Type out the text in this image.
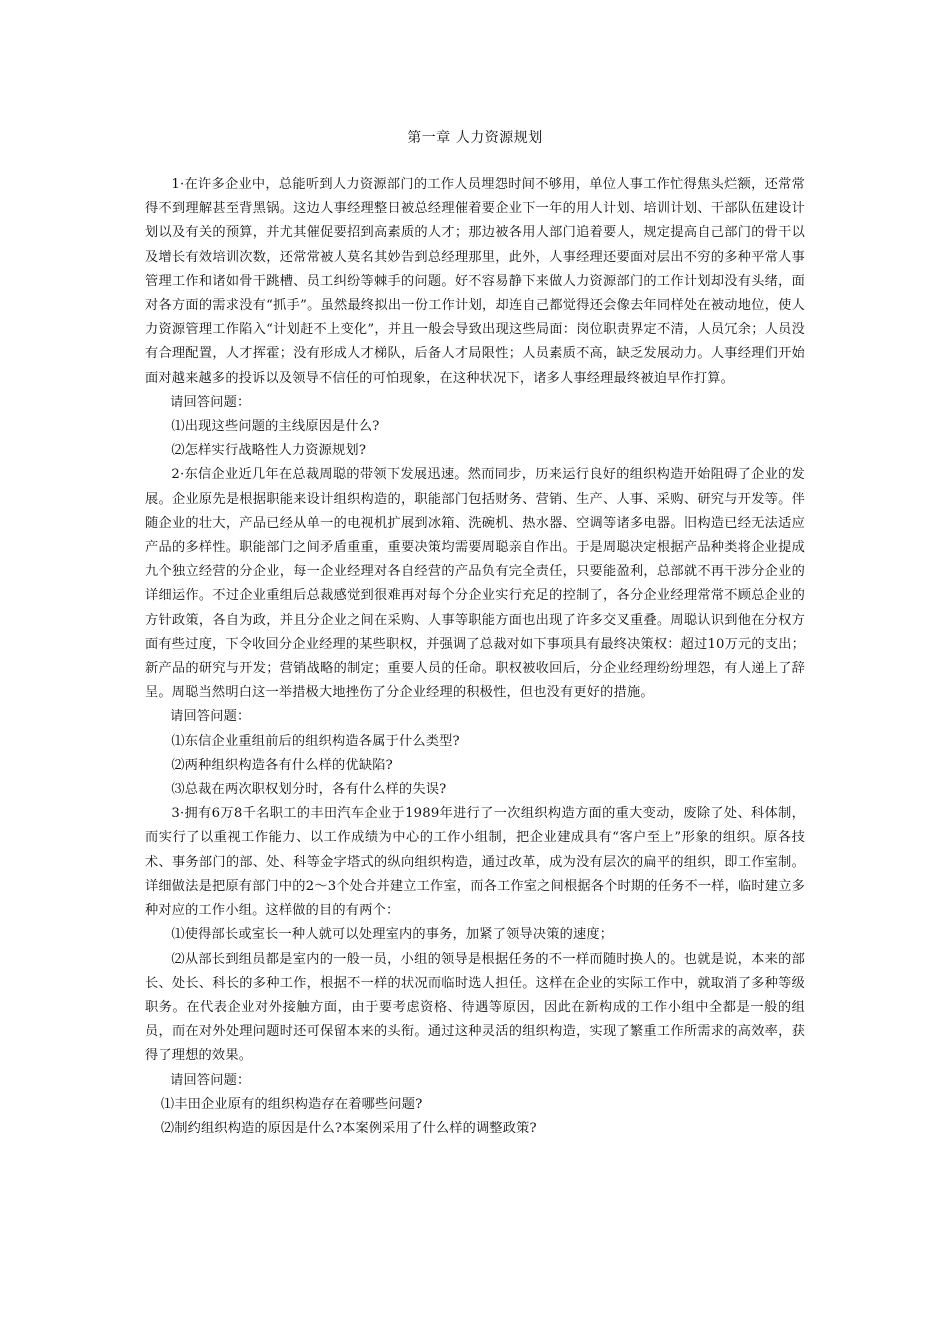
第一章 人力资源规划

1·在许多企业中，总能听到人力资源部门的工作人员埋怨时间不够用，单位人事工作忙得焦头烂额，还常常得不到理解甚至背黑锅。这边人事经理整日被总经理催着要企业下一年的用人计划、培训计划、干部队伍建设计划以及有关的预算，并尤其催促要招到高素质的人才；那边被各用人部门追着要人，规定提高自己部门的骨干以及增长有效培训次数，还常常被人莫名其妙告到总经理那里，此外，人事经理还要面对层出不穷的多种平常人事管理工作和诸如骨干跳槽、员工纠纷等棘手的问题。好不容易静下来做人力资源部门的工作计划却没有头绪，面对各方面的需求没有“抓手”。虽然最终拟出一份工作计划，却连自己都觉得还会像去年同样处在被动地位，使人力资源管理工作陷入“计划赶不上变化”，并且一般会导致出现这些局面：岗位职责界定不清，人员冗余；人员没有合理配置，人才挥霍；没有形成人才梯队，后备人才局限性；人员素质不高，缺乏发展动力。人事经理们开始面对越来越多的投诉以及领导不信任的可怕现象，在这种状况下，诸多人事经理最终被迫早作打算。

请回答问题：

⑴出现这些问题的主线原因是什么?

⑵怎样实行战略性人力资源规划?

2·东信企业近几年在总裁周聪的带领下发展迅速。然而同步，历来运行良好的组织构造开始阻碍了企业的发展。企业原先是根据职能来设计组织构造的，职能部门包括财务、营销、生产、人事、采购、研究与开发等。伴随企业的壮大，产品已经从单一的电视机扩展到冰箱、洗碗机、热水器、空调等诸多电器。旧构造已经无法适应产品的多样性。职能部门之间矛盾重重，重要决策均需要周聪亲自作出。于是周聪决定根据产品种类将企业提成九个独立经营的分企业，每一企业经理对各自经营的产品负有完全责任，只要能盈利，总部就不再干涉分企业的详细运作。不过企业重组后总裁感觉到很难再对每个分企业实行充足的控制了，各分企业经理常常不顾总企业的方针政策，各自为政，并且分企业之间在采购、人事等职能方面也出现了许多交叉重叠。周聪认识到他在分权方面有些过度，下令收回分企业经理的某些职权，并强调了总裁对如下事项具有最终决策权：超过10万元的支出；新产品的研究与开发；营销战略的制定；重要人员的任命。职权被收回后，分企业经理纷纷埋怨，有人递上了辞呈。周聪当然明白这一举措极大地挫伤了分企业经理的积极性，但也没有更好的措施。

请回答问题：

⑴东信企业重组前后的组织构造各属于什么类型?

⑵两种组织构造各有什么样的优缺陷?

⑶总裁在两次职权划分时，各有什么样的失误?

3·拥有6万8千名职工的丰田汽车企业于1989年进行了一次组织构造方面的重大变动，废除了处、科体制，而实行了以重视工作能力、以工作成绩为中心的工作小组制，把企业建成具有“客户至上”形象的组织。原各技术、事务部门的部、处、科等金字塔式的纵向组织构造，通过改革，成为没有层次的扁平的组织，即工作室制。详细做法是把原有部门中的2～3个处合并建立工作室，而各工作室之间根据各个时期的任务不一样，临时建立多种对应的工作小组。这样做的目的有两个：

⑴使得部长或室长一种人就可以处理室内的事务，加紧了领导决策的速度；

⑵从部长到组员都是室内的一般一员，小组的领导是根据任务的不一样而随时换人的。也就是说，本来的部长、处长、科长的多种工作，根据不一样的状况而临时选人担任。这样在企业的实际工作中，就取消了多种等级职务。在代表企业对外接触方面，由于要考虑资格、待遇等原因，因此在新构成的工作小组中全都是一般的组员，而在对外处理问题时还可保留本来的头衔。通过这种灵活的组织构造，实现了繁重工作所需求的高效率，获得了理想的效果。

请回答问题：

⑴丰田企业原有的组织构造存在着哪些问题?

⑵制约组织构造的原因是什么?本案例采用了什么样的调整政策?
